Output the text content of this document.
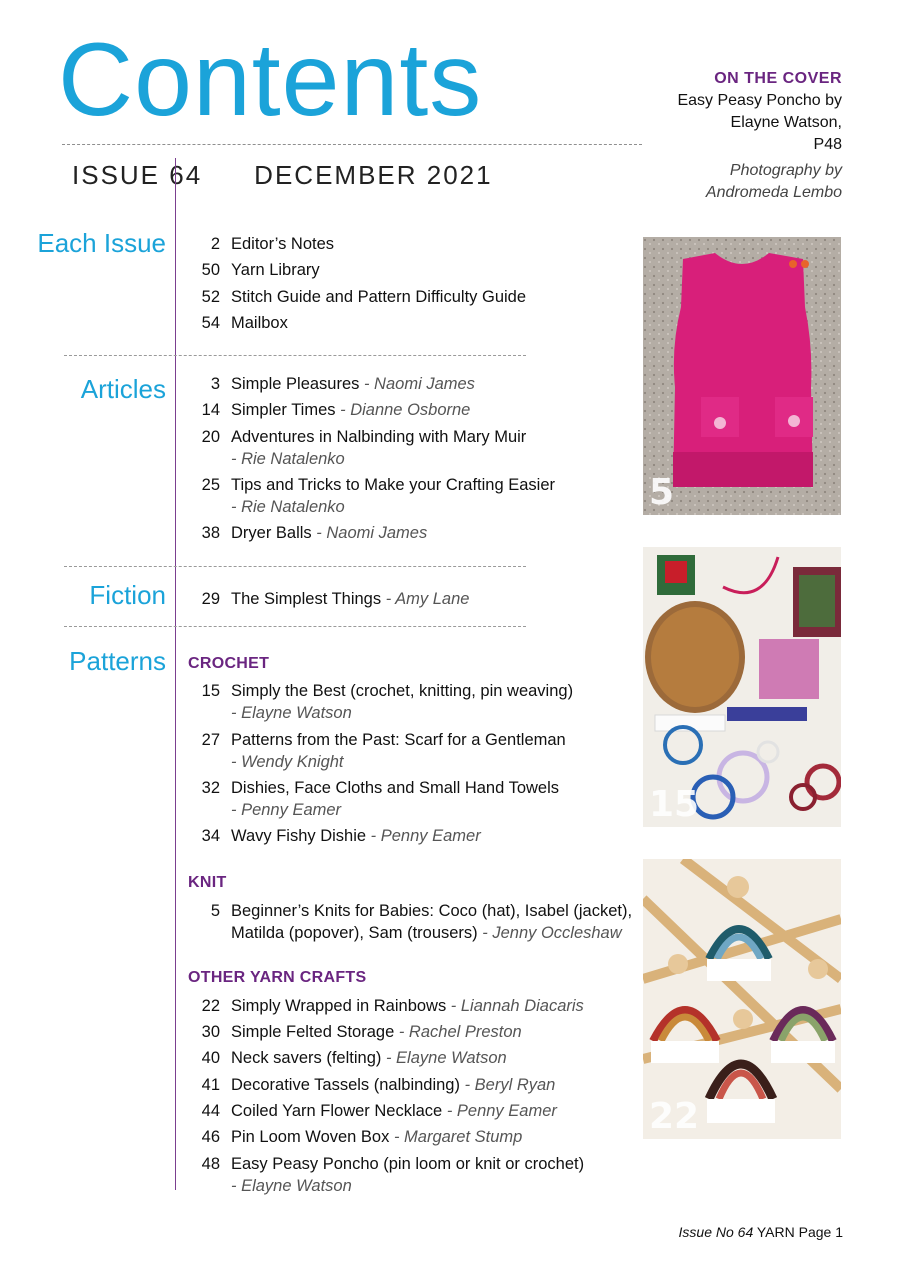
Contents
ISSUE 64 DECEMBER 2021
ON THE COVER
Easy Peasy Poncho by
Elayne Watson,
P48
Photography by
Andromeda Lembo
Each Issue
Articles
Fiction
Patterns
2 Editor’s Notes
50 Yarn Library
52 Stitch Guide and Pattern Difficulty Guide
54 Mailbox
3 Simple Pleasures - Naomi James
14 Simpler Times - Dianne Osborne
20 Adventures in Nalbinding with Mary Muir
- Rie Natalenko
25 Tips and Tricks to Make your Crafting Easier
- Rie Natalenko
38 Dryer Balls - Naomi James
29 The Simplest Things - Amy Lane
CROCHET
15 Simply the Best (crochet, knitting, pin weaving)
- Elayne Watson
27 Patterns from the Past: Scarf for a Gentleman
- Wendy Knight
32 Dishies, Face Cloths and Small Hand Towels
- Penny Eamer
34 Wavy Fishy Dishie - Penny Eamer
KNIT
5 Beginner’s Knits for Babies: Coco (hat), Isabel (jacket),
Matilda (popover), Sam (trousers) - Jenny Occleshaw
OTHER YARN CRAFTS
22 Simply Wrapped in Rainbows - Liannah Diacaris
30 Simple Felted Storage - Rachel Preston
40 Neck savers (felting) - Elayne Watson
41 Decorative Tassels (nalbinding) - Beryl Ryan
44 Coiled Yarn Flower Necklace - Penny Eamer
46 Pin Loom Woven Box - Margaret Stump
48 Easy Peasy Poncho (pin loom or knit or crochet)
- Elayne Watson
5
15
22
Issue No 64 YARN Page 1
